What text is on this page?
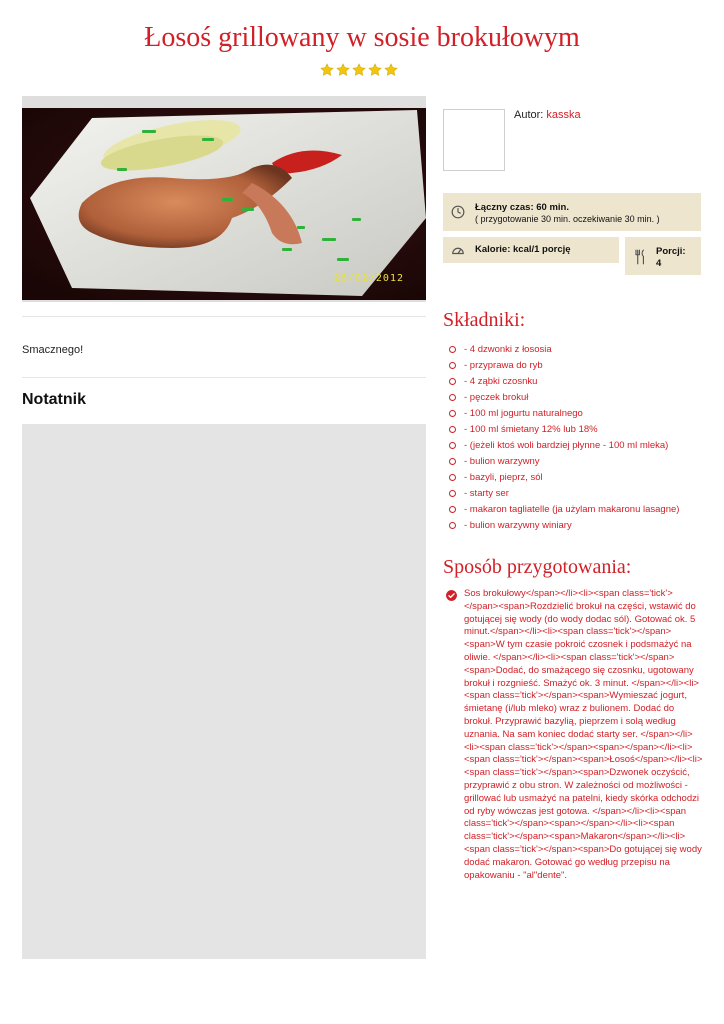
Łosoś grillowany w sosie brokułowym
26/02/2012
Smacznego!
Notatnik
Autor: kasska
Łączny czas: 60 min.
( przygotowanie 30 min. oczekiwanie 30 min. )
Kalorie: kcal/1 porcję	Porcji:
4
Składniki:
- 4 dzwonki z łososia
- przyprawa do ryb
- 4 ząbki czosnku
- pęczek brokuł
- 100 ml jogurtu naturalnego
- 100 ml śmietany 12% lub 18%
- (jeżeli ktoś woli bardziej płynne - 100 ml mleka)
- bulion warzywny
- bazyli, pieprz, sól
- starty ser
- makaron tagliatelle (ja użylam makaronu lasagne)
- bulion warzywny winiary
Sposób przygotowania:
Sos brokułowy</span></li><li><span class='tick'></span><span>Rozdzielić brokuł na części, wstawić do gotującej się wody (do wody dodac sól). Gotować ok. 5 minut.</span></li><li><span class='tick'></span><span>W tym czasie pokroić czosnek i podsmażyć na oliwie. </span></li><li><span class='tick'></span><span>Dodać, do smażącego się czosnku, ugotowany brokuł i rozgnieść. Smażyć ok. 3 minut. </span></li><li><span class='tick'></span><span>Wymieszać jogurt, śmietanę (i/lub mleko) wraz z bulionem. Dodać do brokuł. Przyprawić bazylią, pieprzem i solą według uznania. Na sam koniec dodać starty ser. </span></li><li><span class='tick'></span><span></span></li><li><span class='tick'></span><span>Łosoś</span></li><li><span class='tick'></span><span>Dzwonek oczyścić, przyprawić z obu stron. W zależności od możliwości - grillować lub usmażyć na patelni, kiedy skórka odchodzi od ryby wówczas jest gotowa. </span></li><li><span class='tick'></span><span></span></li><li><span class='tick'></span><span>Makaron</span></li><li><span class='tick'></span><span>Do gotującej się wody dodać makaron. Gotować go według przepisu na opakowaniu - "al"dente".
